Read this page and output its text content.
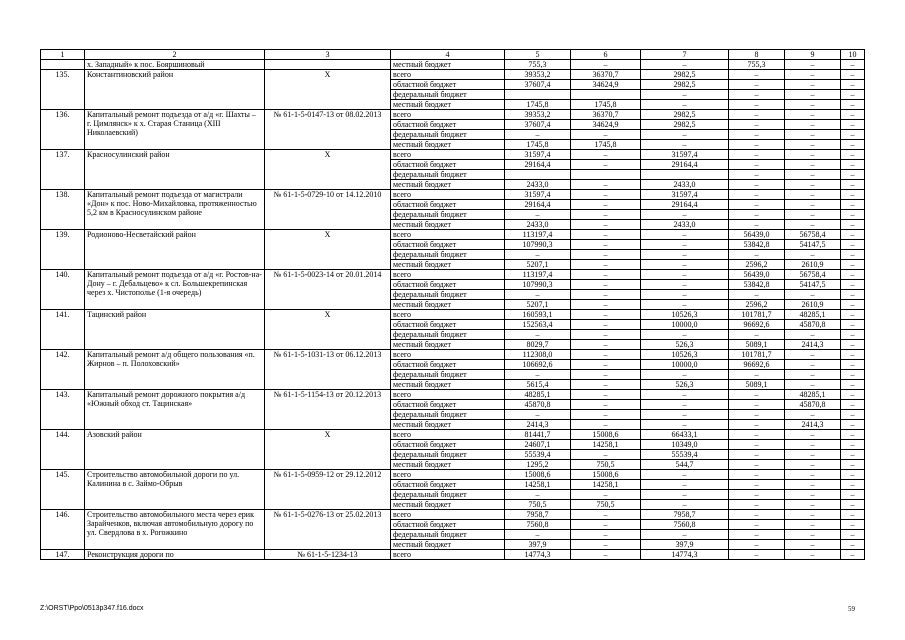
1	2	3	4	5	6	7	8	9	10
	х. Западный» к пос. Бояршиновый		местный бюджет	755,3	–	–	755,3	–	–
135.	Константиновский район	Х	всего	39353,2	36370,7	2982,5	–	–	–
			областной бюджет	37607,4	34624,9	2982,5	–	–	–
			федеральный бюджет			–	–	–	–
			местный бюджет	1745,8	1745,8	–	–	–	–
136.	Капитальный ремонт подъезда от а/д «г. Шахты – г. Цимлянск» к х. Старая Станица (ХIII Николаевский)	№ 61-1-5-0147-13 от 08.02.2013	всего	39353,2	36370,7	2982,5	–	–	–
			областной бюджет	37607,4	34624,9	2982,5	–	–	–
			федеральный бюджет	–	–	–	–	–	–
			местный бюджет	1745,8	1745,8	–	–	–	–
137.	Красносулинский район	Х	всего	31597,4	–	31597,4	–	–	–
			областной бюджет	29164,4	–	29164,4	–	–	–
			федеральный бюджет				–	–	–
			местный бюджет	2433,0	–	2433,0	–	–	–
138.	Капитальный ремонт подъезда от магистрали «Дон» к пос. Ново-Михайловка, протяженностью 5,2 км в Красносулинском районе	№ 61-1-5-0729-10 от 14.12.2010	всего	31597,4	–	31597,4	–	–	–
			областной бюджет	29164,4	–	29164,4	–	–	–
			федеральный бюджет	–	–	–	–	–	–
			местный бюджет	2433,0	–	2433,0	–	–	–
139.	Родионово-Несветайский район	Х	всего	113197,4	–	–	56439,0	56758,4	–
			областной бюджет	107990,3	–	–	53842,8	54147,5	–
			федеральный бюджет	–	–	–	–	–	–
			местный бюджет	5207,1	–	–	2596,2	2610,9	–
140.	Капитальный ремонт подъезда от а/д «г. Ростов-на-Дону – г. Дебальцево» к сл. Большекрепинская через х. Чистополье (1-я очередь)	№ 61-1-5-0023-14 от 20.01.2014	всего	113197,4	–	–	56439,0	56758,4	–
			областной бюджет	107990,3	–	–	53842,8	54147,5	–
			федеральный бюджет	–	–	–	–	–	–
			местный бюджет	5207,1	–	–	2596,2	2610,9	–
141.	Тацинский район	Х	всего	160593,1	–	10526,3	101781,7	48285,1	–
			областной бюджет	152563,4	–	10000,0	96692,6	45870,8	–
			федеральный бюджет	–	–	–	–	–	–
			местный бюджет	8029,7	–	526,3	5089,1	2414,3	–
142.	Капитальный ремонт а/д общего пользования «п. Жирнов – п. Полоховский»	№ 61-1-5-1031-13 от 06.12.2013	всего	112308,0	–	10526,3	101781,7	–	–
			областной бюджет	106692,6	–	10000,0	96692,6	–	–
			федеральный бюджет	–	–	–	–	–	–
			местный бюджет	5615,4	–	526,3	5089,1	–	–
143.	Капитальный ремонт дорожного покрытия а/д «Южный обход ст. Тацинская»	№ 61-1-5-1154-13 от 20.12.2013	всего	48285,1	–	–	–	48285,1	–
			областной бюджет	45870,8	–	–	–	45870,8	–
			федеральный бюджет	–	–	–	–	–	–
			местный бюджет	2414,3	–	–	–	2414,3	–
144.	Азовский район	Х	всего	81441,7	15008,6	66433,1	–	–	–
			областной бюджет	24607,1	14258,1	10349,0	–	–	–
			федеральный бюджет	55539,4	–	55539,4	–	–	–
			местный бюджет	1295,2	750,5	544,7	–	–	–
145.	Строительство автомобильной дороги по ул. Калинина в с. Займо-Обрыв	№ 61-1-5-0959-12 от 29.12.2012	всего	15008,6	15008,6	–	–	–	–
			областной бюджет	14258,1	14258,1	–	–	–	–
			федеральный бюджет	–	–	–	–	–	–
			местный бюджет	750,5	750,5	–	–	–	–
146.	Строительство автомобильного места через ерик Зарайченков, включая автомобильную дорогу по ул. Свердлова в х. Рогожкино	№ 61-1-5-0276-13 от 25.02.2013	всего	7958,7	–	7958,7	–	–	–
			областной бюджет	7560,8	–	7560,8	–	–	–
			федеральный бюджет	–	–	–	–	–	–
			местный бюджет	397,9	–	397,9	–	–	–
147.	Реконструкция дороги по	№ 61-1-5-1234-13	всего	14774,3	–	14774,3	–	–	–
Z:\ORST\Ppo\0513p347.f16.docx	59
